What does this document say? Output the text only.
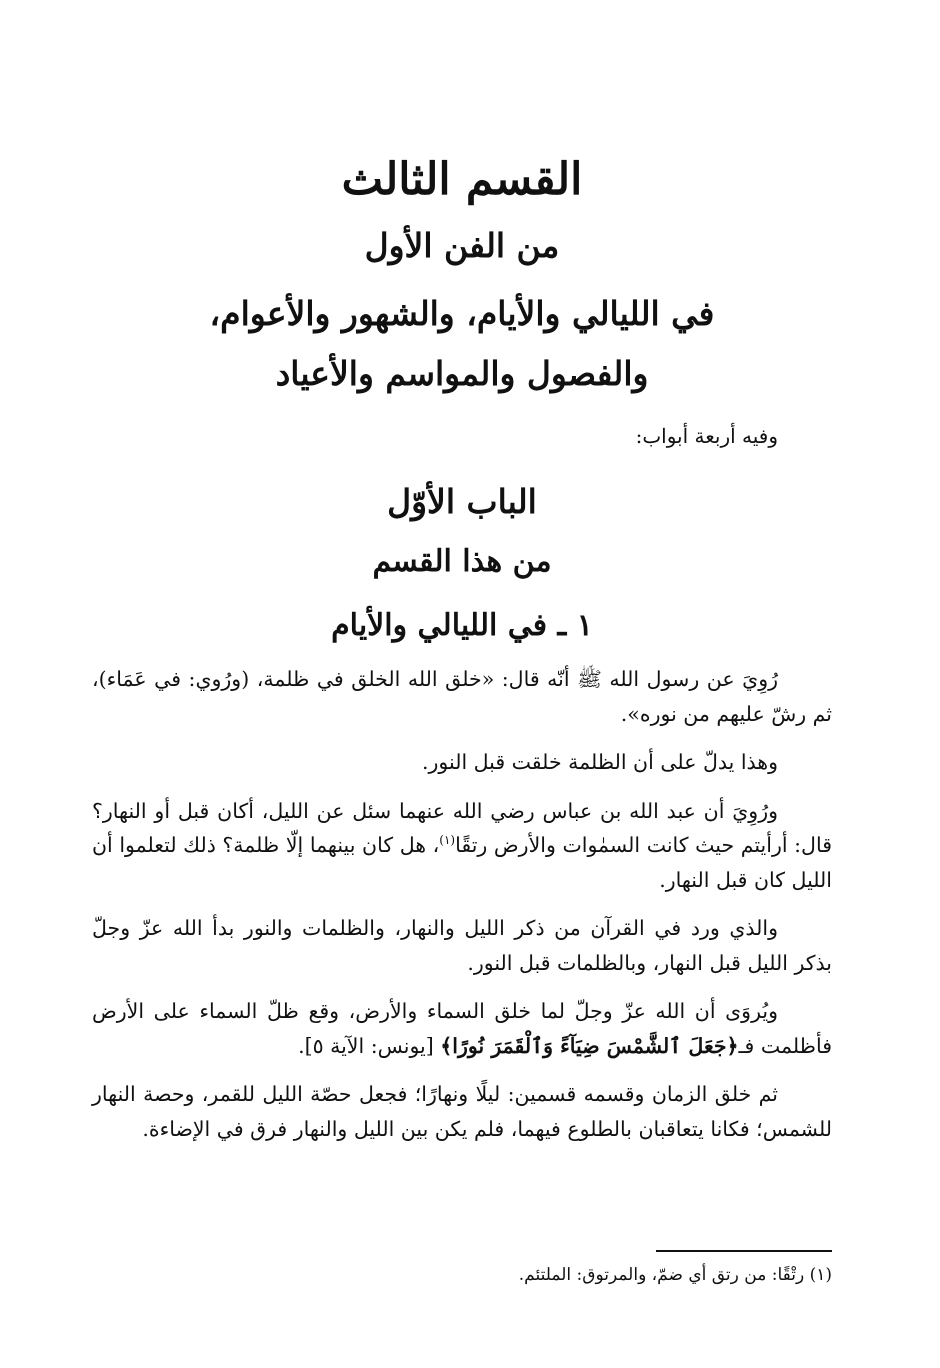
القسم الثالث
من الفن الأول
في الليالي والأيام، والشهور والأعوام،
والفصول والمواسم والأعياد
وفيه أربعة أبواب:
الباب الأوّل
من هذا القسم
١ ـ في الليالي والأيام

رُوِيَ عن رسول الله ﷺ أنّه قال: «خلق الله الخلق في ظلمة، (ورُوي: في عَمَاء)، ثم رشّ عليهم من نوره».

وهذا يدلّ على أن الظلمة خلقت قبل النور.

ورُوِيَ أن عبد الله بن عباس رضي الله عنهما سئل عن الليل، أكان قبل أو النهار؟ قال: أرأيتم حيث كانت السمٰوات والأرض رتقًا$^{(١)}$، هل كان بينهما إلّا ظلمة؟ ذلك لتعلموا أن الليل كان قبل النهار.

والذي ورد في القرآن من ذكر الليل والنهار، والظلمات والنور بدأ الله عزّ وجلّ بذكر الليل قبل النهار، وبالظلمات قبل النور.

ويُروَى أن الله عزّ وجلّ لما خلق السماء والأرض، وقع ظلّ السماء على الأرض فأظلمت فـ﴿جَعَلَ ٱلشَّمْسَ ضِيَآءً وَٱلْقَمَرَ نُورًا﴾ [يونس: الآية ٥].

ثم خلق الزمان وقسمه قسمين: ليلًا ونهارًا؛ فجعل حصّة الليل للقمر، وحصة النهار للشمس؛ فكانا يتعاقبان بالطلوع فيهما، فلم يكن بين الليل والنهار فرق في الإضاءة.

(١) رتْقًا: من رتق أي ضمّ، والمرتوق: الملتئم.
